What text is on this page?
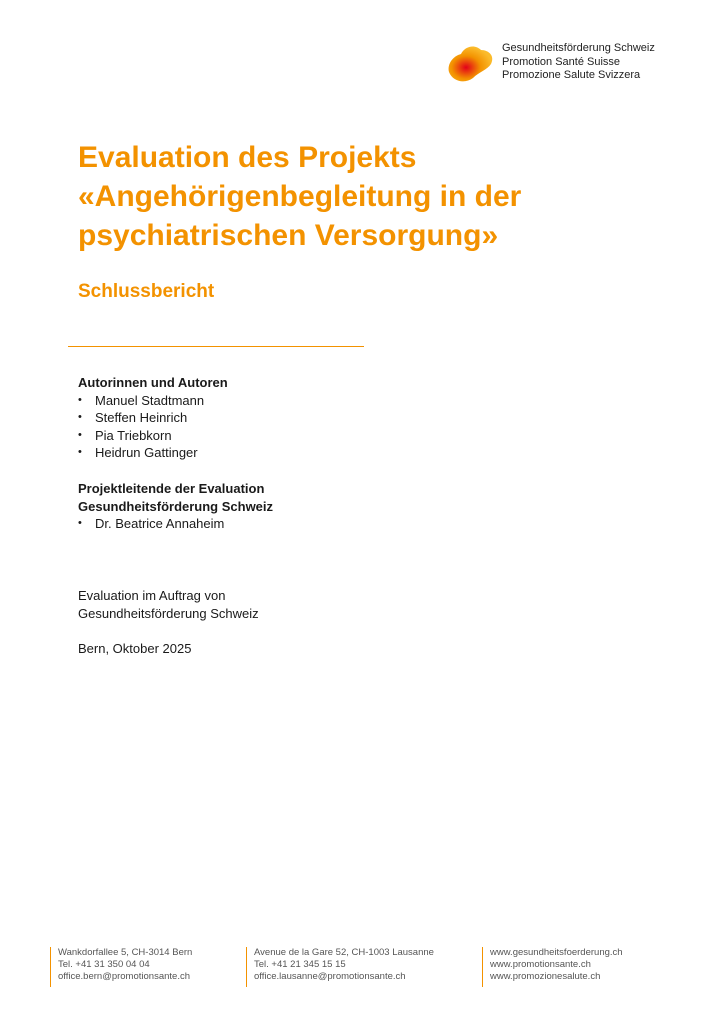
Gesundheitsförderung Schweiz
Promotion Santé Suisse
Promozione Salute Svizzera
Evaluation des Projekts
«Angehörigenbegleitung in der
psychiatrischen Versorgung»
Schlussbericht
Autorinnen und Autoren
• Manuel Stadtmann
• Steffen Heinrich
• Pia Triebkorn
• Heidrun Gattinger
Projektleitende der Evaluation
Gesundheitsförderung Schweiz
• Dr. Beatrice Annaheim
Evaluation im Auftrag von
Gesundheitsförderung Schweiz
Bern, Oktober 2025
Wankdorfallee 5, CH-3014 Bern
Tel. +41 31 350 04 04
office.bern@promotionsante.ch
Avenue de la Gare 52, CH-1003 Lausanne
Tel. +41 21 345 15 15
office.lausanne@promotionsante.ch
www.gesundheitsfoerderung.ch
www.promotionsante.ch
www.promozionesalute.ch
